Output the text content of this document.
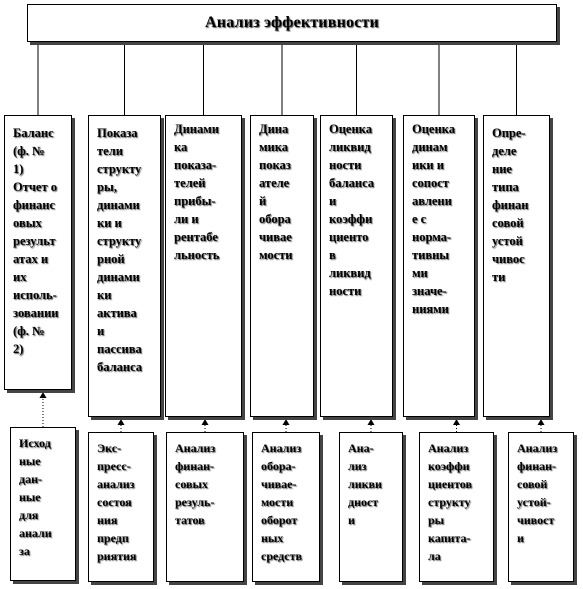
Анализ эффективности
Баланс
(ф. №
1)
Отчет о
финанс
овых
результ
атах и
их
исполь-
зовании
(ф. №
2)
Показа
тели
структу
ры,
динами
ки и
структу
рной
динами
ки
актива
и
пассива
баланса
Динами
ка
показа-
телей
прибы-
ли и
рентабе
льность
Дина
мика
показ
ателе
й
обора
чивае
мости
Оценка
ликвид
ности
баланса
и
коэффи
циенто
в
ликвид
ности
Оценка
динам
ики и
сопост
авлени
е с
норма-
тивны
ми
значе-
ниями
Опре-
деле
ние
типа
финан
совой
устой
чивос
ти
Исход
ные
дан-
ные
для
анали
за
Экс-
пресс-
анализ
состоя
ния
предп
риятия
Анализ
финан-
совых
резуль-
татов
Анализ
обора-
чивае-
мости
оборот
ных
средств
Ана-
лиз
ликви
дност
и
Анализ
коэффи
циентов
структу
ры
капита-
ла
Анализ
финан-
совой
устой-
чивост
и
